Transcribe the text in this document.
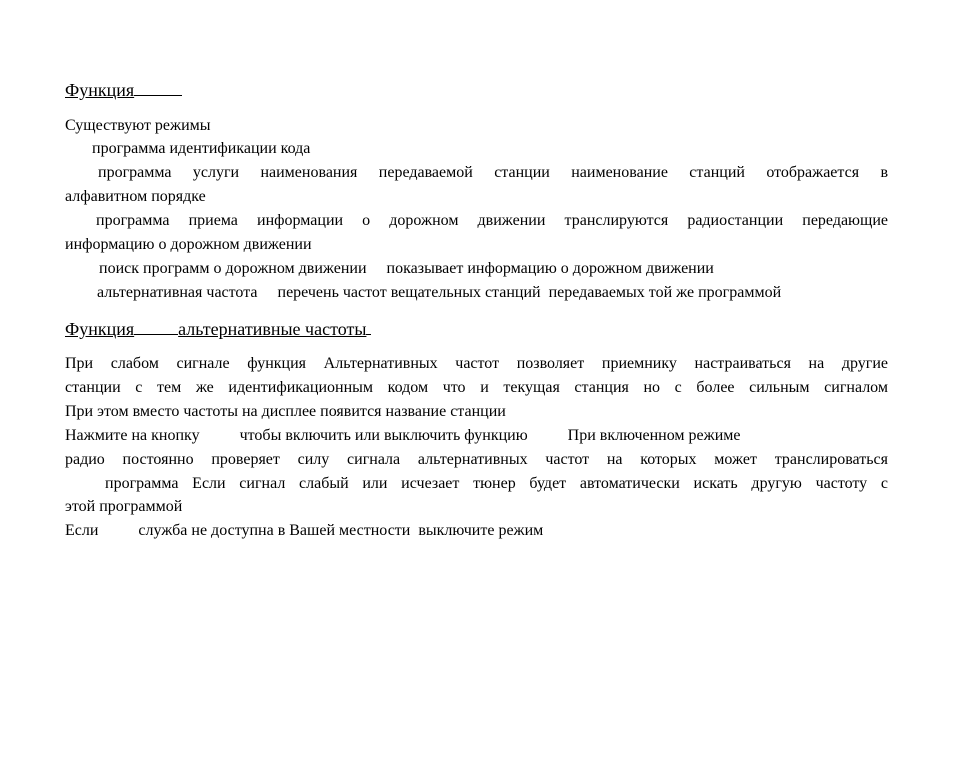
Функция
Существуют режимы
программа идентификации кода
программа услуги наименования передаваемой станции наименование станций отображается в
алфавитном порядке
программа приема информации о дорожном движении транслируются радиостанции передающие
информацию о дорожном движении
поиск программ о дорожном движении     показывает информацию о дорожном движении
альтернативная частота     перечень частот вещательных станций  передаваемых той же программой
Функция альтернативные частоты
При слабом сигнале функция Альтернативных частот позволяет приемнику настраиваться на другие
станции с тем же идентификационным кодом что и текущая станция но с более сильным сигналом
При этом вместо частоты на дисплее появится название станции
Нажмите на кнопку          чтобы включить или выключить функцию          При включенном режиме
радио постоянно проверяет силу сигнала альтернативных частот на которых может транслироваться
программа Если сигнал слабый или исчезает тюнер будет автоматически искать другую частоту с
этой программой
Если          служба не доступна в Вашей местности  выключите режим
